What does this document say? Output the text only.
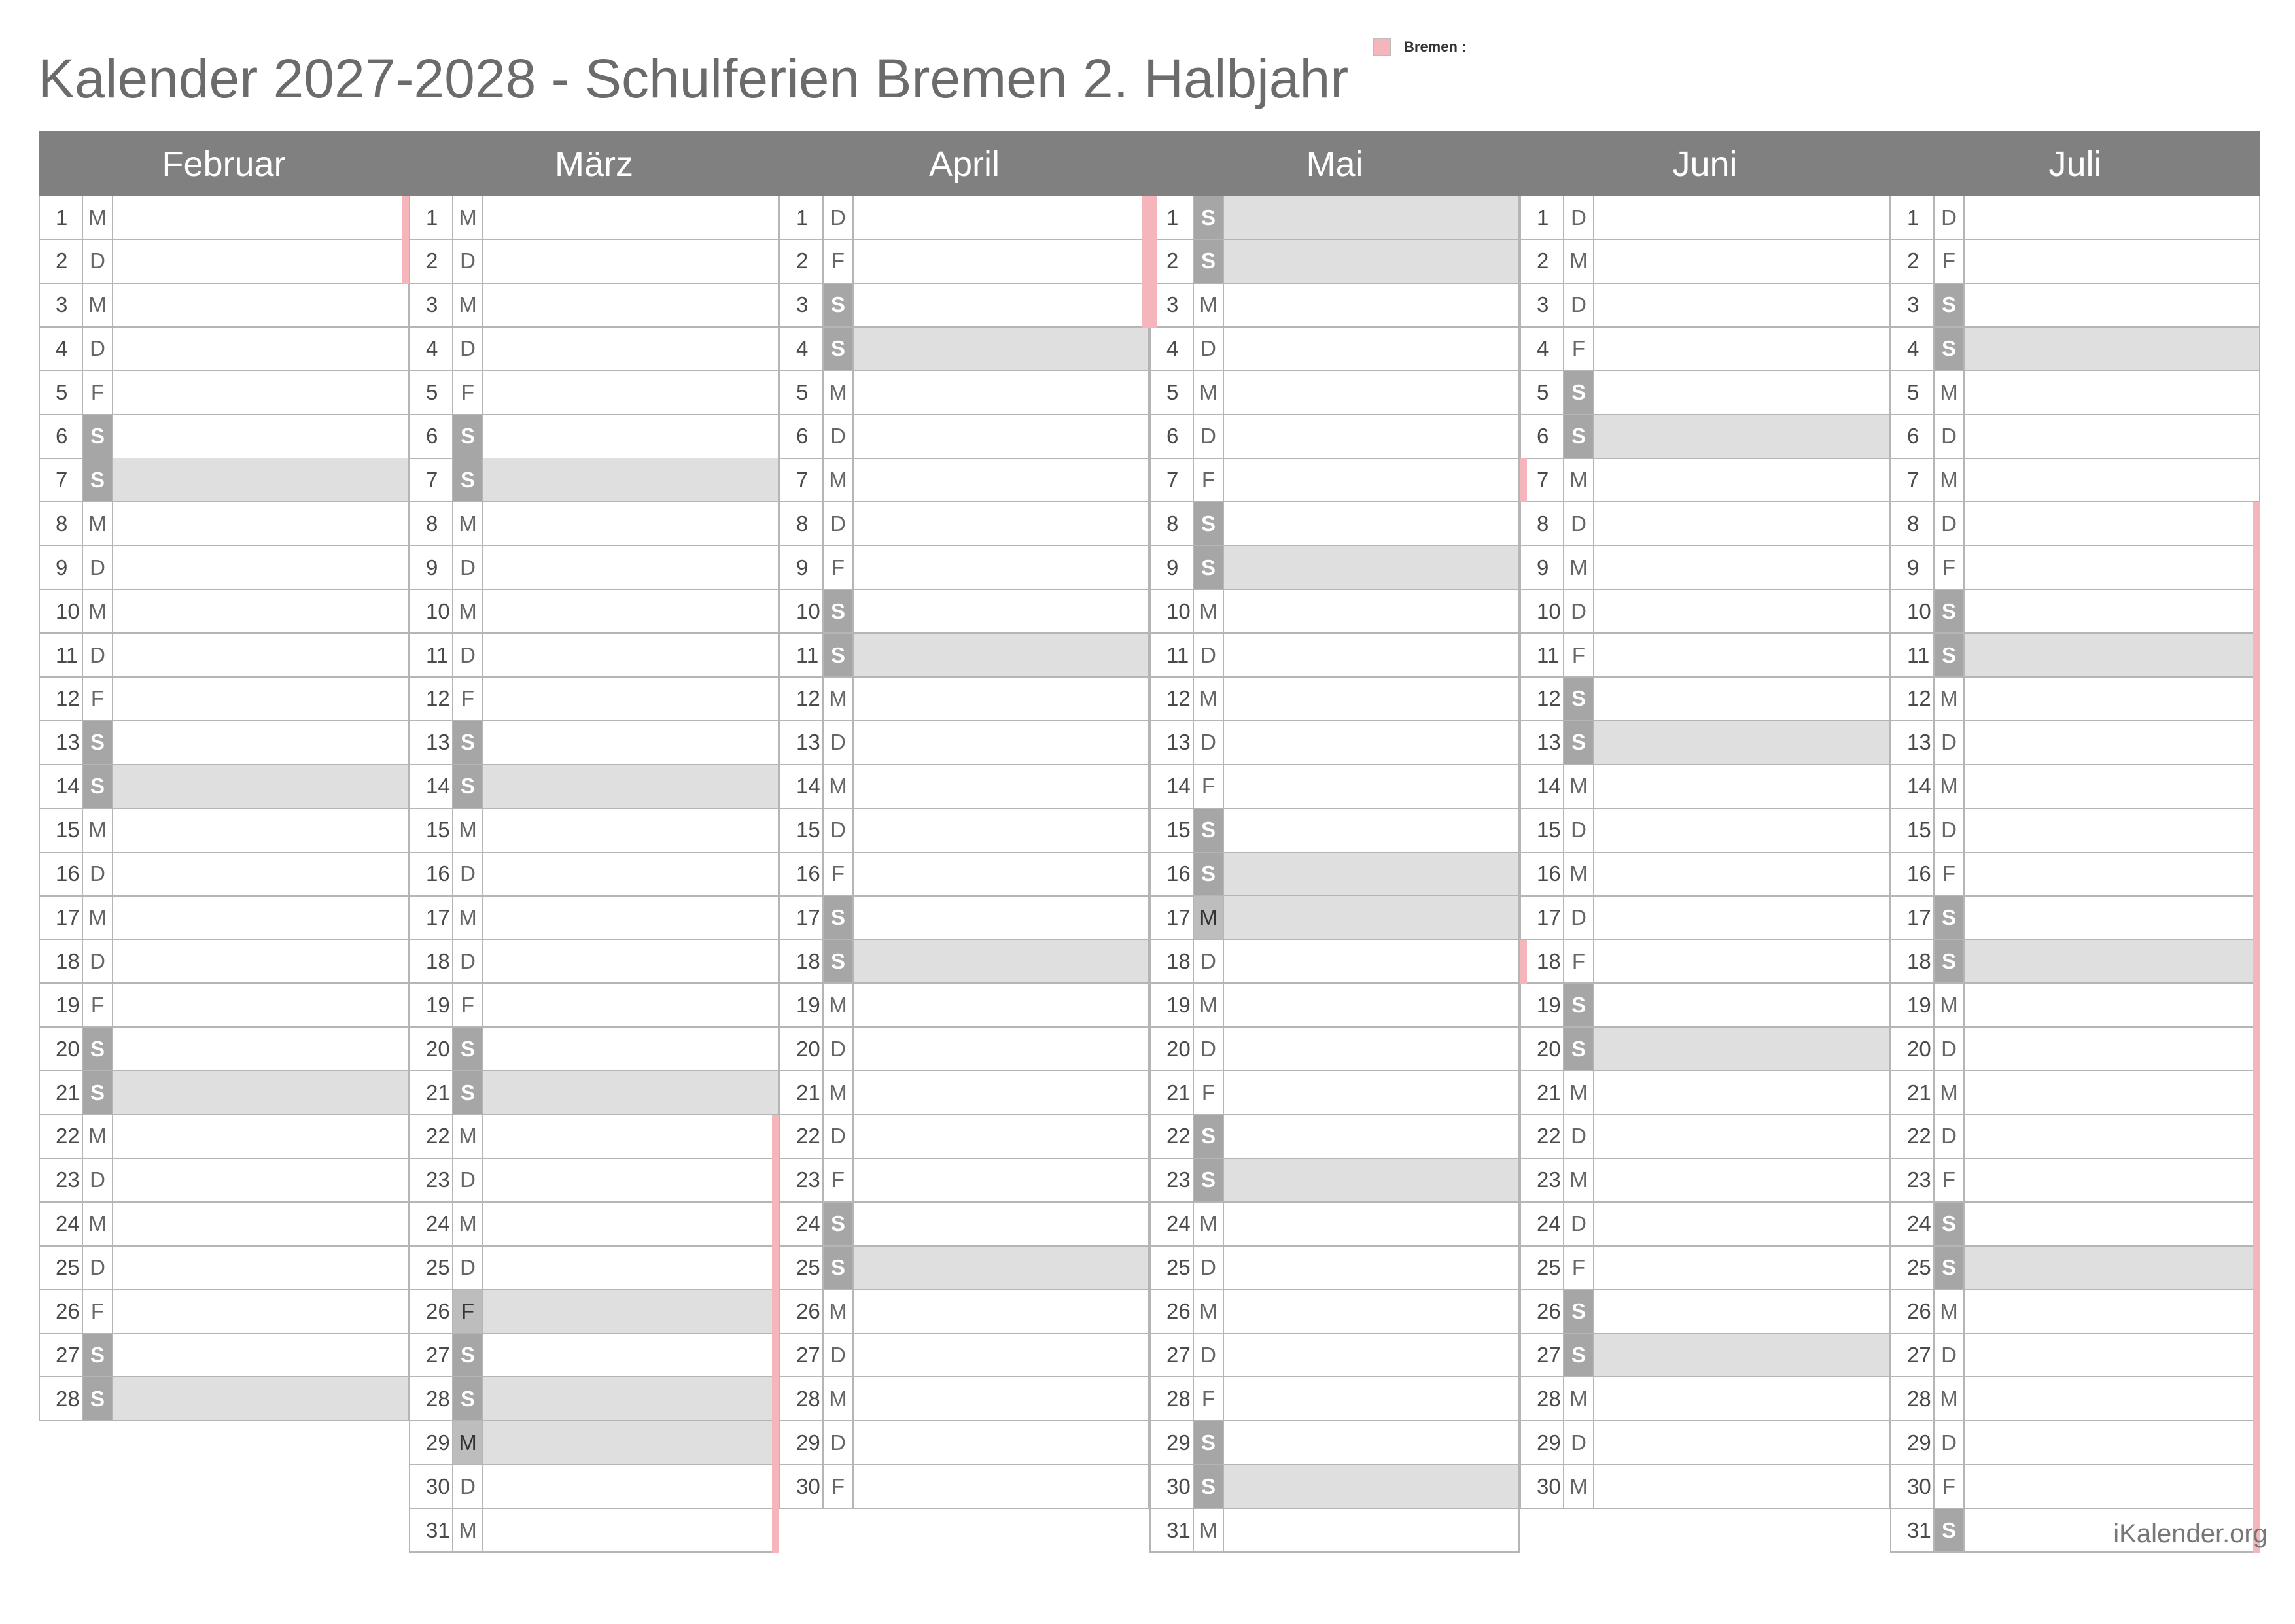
Kalender 2027-2028 - Schulferien Bremen 2. Halbjahr
Bremen :
Februar
1 M
2	D
3 M
4	D
5	F
6	S
7	S
8 M
9	D
10 M
11 D
12 F
13 S
14 S
15 M
16 D
17 M
18 D
19 F
20 S
21 S
22 M
23 D
24 M
25 D
26 F
27 S
28 S
März
1 M
2	D
3 M
4	D
5	F
6	S
7	S
8 M
9	D
10 M
11 D
12 F
13 S
14 S
15 M
16 D
17 M
18 D
19 F
20 S
21 S
22 M
23 D
24 M
25 D
26 F
27 S
28 S
29 M
30 D
31 M
April
1	D
2	F
3	S
4	S
5 M
6	D
7 M
8	D
9	F
10 S
11 S
12 M
13 D
14 M
15 D
16 F
17 S
18 S
19 M
20 D
21 M
22 D
23 F
24 S
25 S
26 M
27 D
28 M
29 D
30 F
Mai
1	S
2	S
3 M
4	D
5 M
6	D
7	F
8	S
9	S
10 M
11 D
12 M
13 D
14 F
15 S
16 S
17 M
18 D
19 M
20 D
21 F
22 S
23 S
24 M
25 D
26 M
27 D
28 F
29 S
30 S
31 M
Juni
1	D
2 M
3	D
4	F
5	S
6	S
7 M
8	D
9 M
10 D
11 F
12 S
13 S
14 M
15 D
16 M
17 D
18 F
19 S
20 S
21 M
22 D
23 M
24 D
25 F
26 S
27 S
28 M
29 D
30 M
Juli
1	D
2	F
3	S
4	S
5 M
6	D
7 M
8	D
9	F
10 S
11 S
12 M
13 D
14 M
15 D
16 F
17 S
18 S
19 M
20 D
21 M
22 D
23 F
24 S
25 S
26 M
27 D
28 M
29 D
30 F
31 S	iKalender.org
